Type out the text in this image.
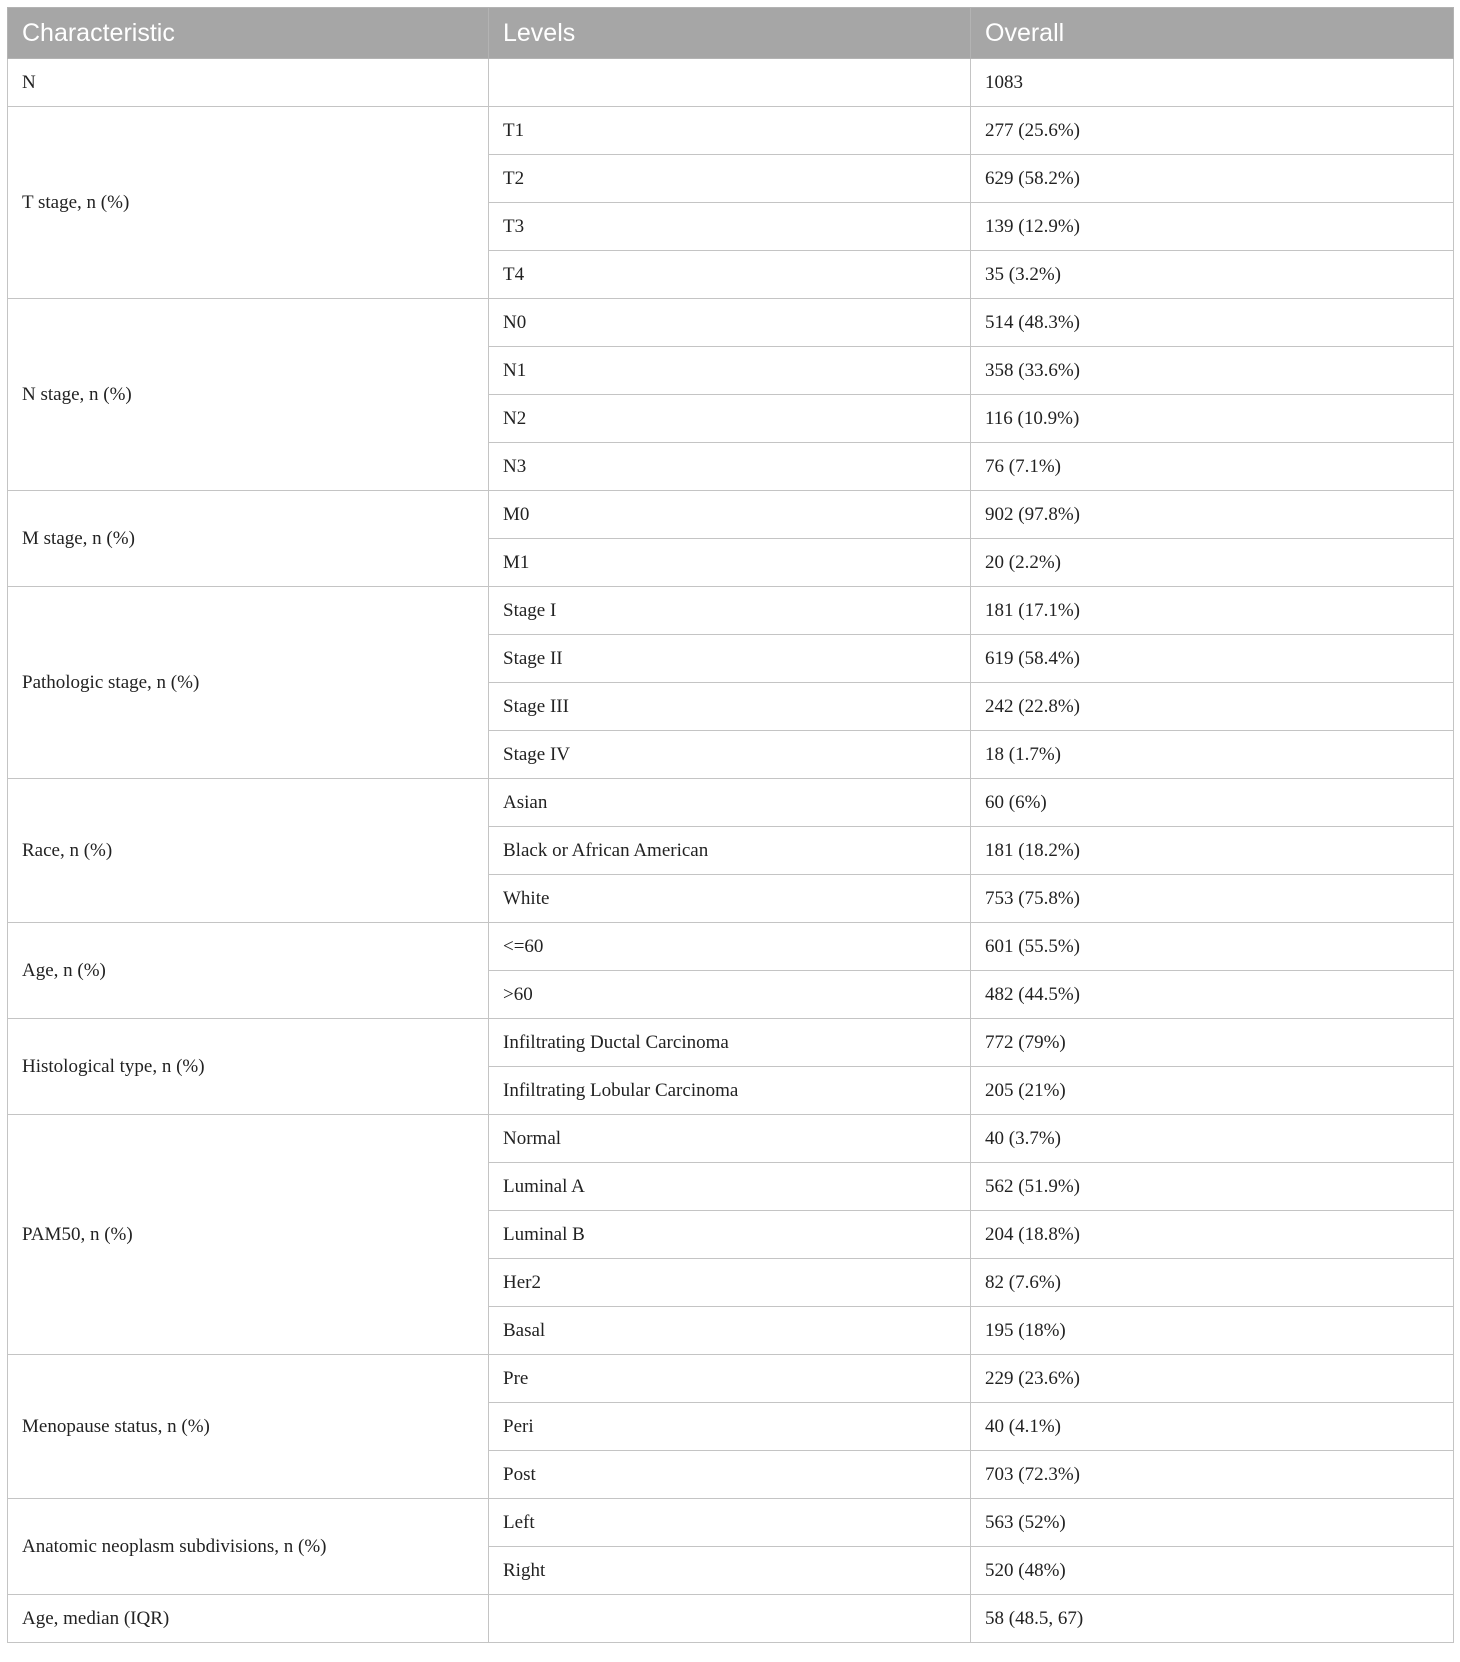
Characteristic	Levels	Overall
N		1083
T stage, n (%)	T1	277 (25.6%)
	T2	629 (58.2%)
	T3	139 (12.9%)
	T4	35 (3.2%)
N stage, n (%)	N0	514 (48.3%)
	N1	358 (33.6%)
	N2	116 (10.9%)
	N3	76 (7.1%)
M stage, n (%)	M0	902 (97.8%)
	M1	20 (2.2%)
Pathologic stage, n (%)	Stage I	181 (17.1%)
	Stage II	619 (58.4%)
	Stage III	242 (22.8%)
	Stage IV	18 (1.7%)
Race, n (%)	Asian	60 (6%)
	Black or African American	181 (18.2%)
	White	753 (75.8%)
Age, n (%)	<=60	601 (55.5%)
	>60	482 (44.5%)
Histological type, n (%)	Infiltrating Ductal Carcinoma	772 (79%)
	Infiltrating Lobular Carcinoma	205 (21%)
PAM50, n (%)	Normal	40 (3.7%)
	Luminal A	562 (51.9%)
	Luminal B	204 (18.8%)
	Her2	82 (7.6%)
	Basal	195 (18%)
Menopause status, n (%)	Pre	229 (23.6%)
	Peri	40 (4.1%)
	Post	703 (72.3%)
Anatomic neoplasm subdivisions, n (%)	Left	563 (52%)
	Right	520 (48%)
Age, median (IQR)		58 (48.5, 67)
